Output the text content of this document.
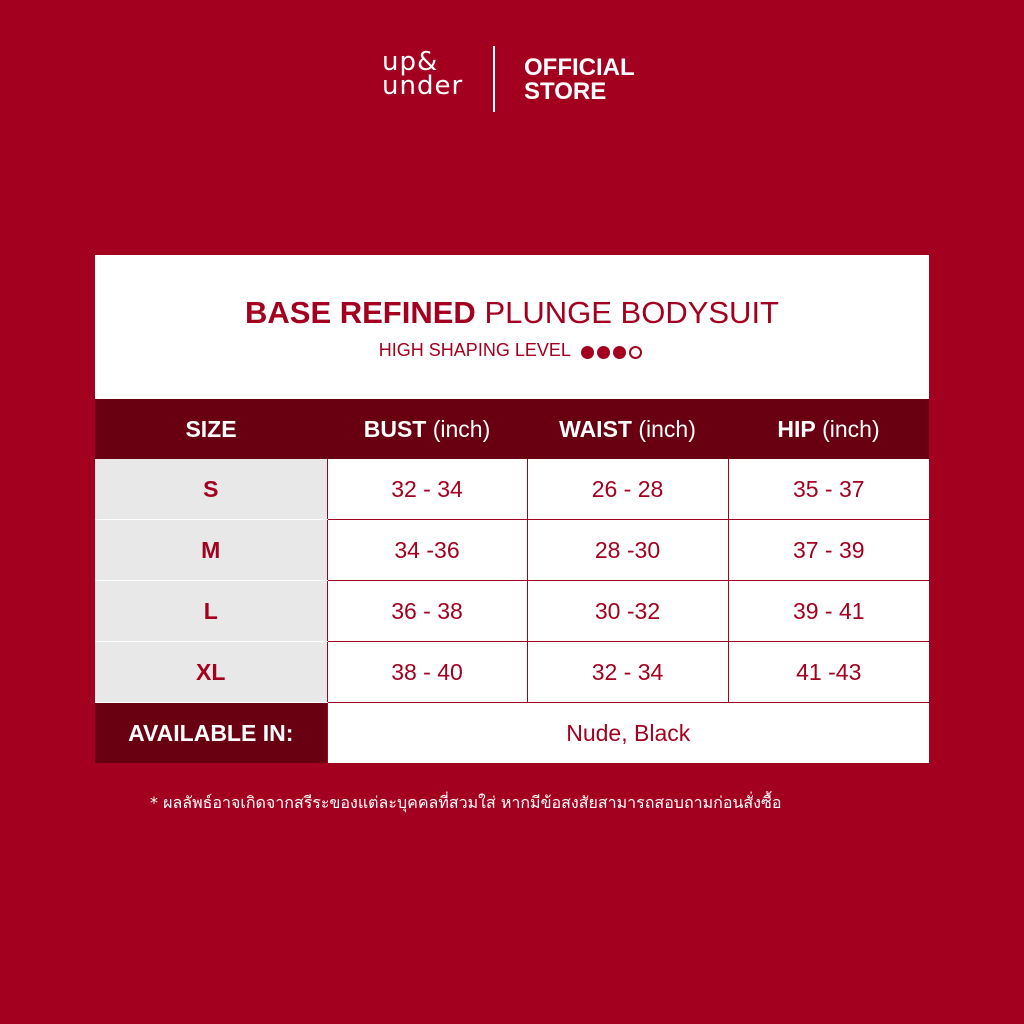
up&
under
OFFICIAL
STORE
BASE REFINED PLUNGE BODYSUIT
HIGH SHAPING LEVEL
SIZE	BUST (inch)	WAIST (inch)	HIP (inch)
S	32 - 34	26 - 28	35 - 37
M	34 -36	28 -30	37 - 39
L	36 - 38	30 -32	39 - 41
XL	38 - 40	32 - 34	41 -43
AVAILABLE IN:	Nude, Black		
* ผลลัพธ์อาจเกิดจากสรีระของแต่ละบุคคลที่สวมใส่ หากมีข้อสงสัยสามารถสอบถามก่อนสั่งซื้อ
